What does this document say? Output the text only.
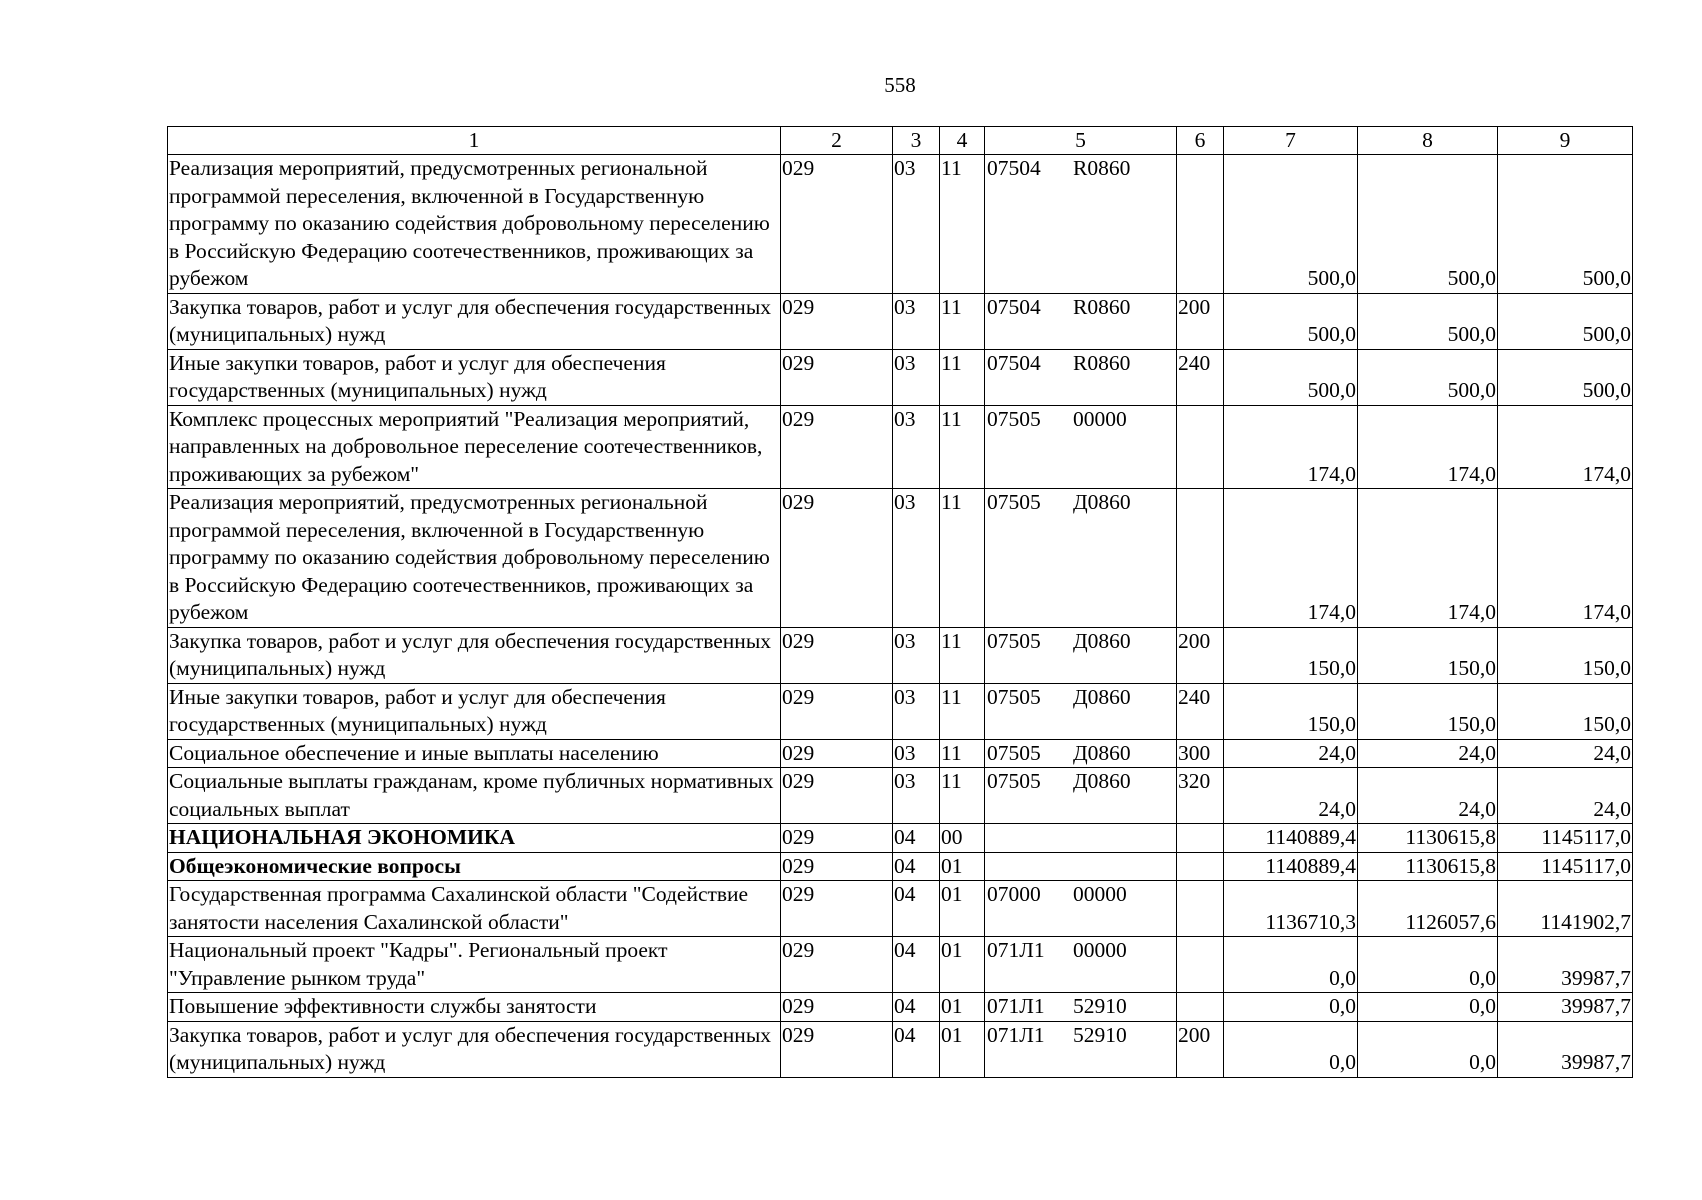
558
1	2	3	4	5	6	7	8	9
Реализация мероприятий, предусмотренных региональной программой переселения, включенной в Государственную программу по оказанию содействия добровольному переселению в Российскую Федерацию соотечественников, проживающих за рубежом	029	03	11	07504 R0860		500,0	500,0	500,0
Закупка товаров, работ и услуг для обеспечения государственных (муниципальных) нужд	029	03	11	07504 R0860	200	500,0	500,0	500,0
Иные закупки товаров, работ и услуг для обеспечения государственных (муниципальных) нужд	029	03	11	07504 R0860	240	500,0	500,0	500,0
Комплекс процессных мероприятий "Реализация мероприятий, направленных на добровольное переселение соотечественников, проживающих за рубежом"	029	03	11	07505 00000		174,0	174,0	174,0
Реализация мероприятий, предусмотренных региональной программой переселения, включенной в Государственную программу по оказанию содействия добровольному переселению в Российскую Федерацию соотечественников, проживающих за рубежом	029	03	11	07505 Д0860		174,0	174,0	174,0
Закупка товаров, работ и услуг для обеспечения государственных (муниципальных) нужд	029	03	11	07505 Д0860	200	150,0	150,0	150,0
Иные закупки товаров, работ и услуг для обеспечения государственных (муниципальных) нужд	029	03	11	07505 Д0860	240	150,0	150,0	150,0
Социальное обеспечение и иные выплаты населению	029	03	11	07505 Д0860	300	24,0	24,0	24,0
Социальные выплаты гражданам, кроме публичных нормативных социальных выплат	029	03	11	07505 Д0860	320	24,0	24,0	24,0
НАЦИОНАЛЬНАЯ ЭКОНОМИКА	029	04	00			1140889,4	1130615,8	1145117,0
Общеэкономические вопросы	029	04	01			1140889,4	1130615,8	1145117,0
Государственная программа Сахалинской области "Содействие занятости населения Сахалинской области"	029	04	01	07000 00000		1136710,3	1126057,6	1141902,7
Национальный проект "Кадры". Региональный проект "Управление рынком труда"	029	04	01	071Л1 00000		0,0	0,0	39987,7
Повышение эффективности службы занятости	029	04	01	071Л1 52910		0,0	0,0	39987,7
Закупка товаров, работ и услуг для обеспечения государственных (муниципальных) нужд	029	04	01	071Л1 52910	200	0,0	0,0	39987,7
